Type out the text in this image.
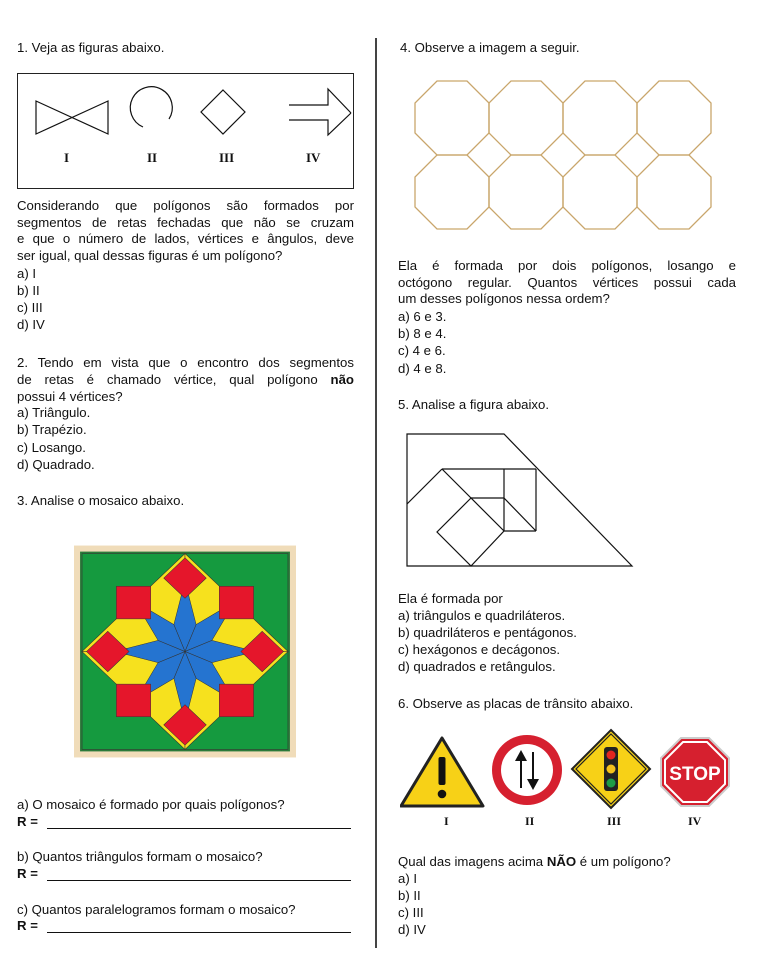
1. Veja as figuras abaixo.
I	II	III	IV
Considerando que polígonos são formados por
segmentos de retas fechadas que não se cruzam
e que o número de lados, vértices e ângulos, deve
ser igual, qual dessas figuras é um polígono?
a) I
b) II
c) III
d) IV
2. Tendo em vista que o encontro dos segmentos
de retas é chamado vértice, qual polígono não
possui 4 vértices?
a) Triângulo.
b) Trapézio.
c) Losango.
d) Quadrado.
3. Analise o mosaico abaixo.
a) O mosaico é formado por quais polígonos?
R =
b) Quantos triângulos formam o mosaico?
R =
c) Quantos paralelogramos formam o mosaico?
R =
4. Observe a imagem a seguir.
Ela é formada por dois polígonos, losango e
octógono regular. Quantos vértices possui cada
um desses polígonos nessa ordem?
a) 6 e 3.
b) 8 e 4.
c) 4 e 6.
d) 4 e 8.
5. Analise a figura abaixo.
Ela é formada por
a) triângulos e quadriláteros.
b) quadriláteros e pentágonos.
c) hexágonos e decágonos.
d) quadrados e retângulos.
6. Observe as placas de trânsito abaixo.
STOP
I	II	III	IV
Qual das imagens acima NÃO é um polígono?
a) I
b) II
c) III
d) IV
